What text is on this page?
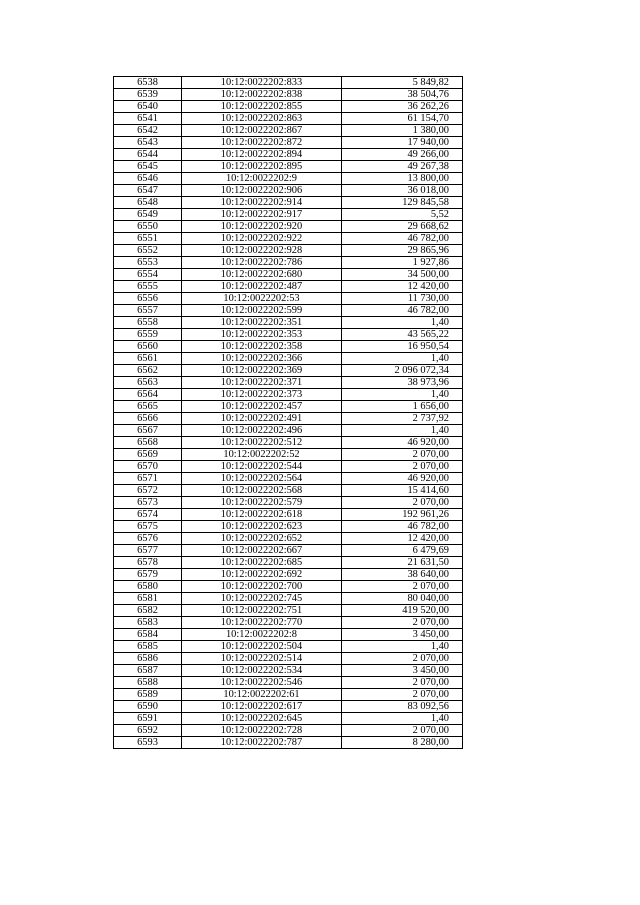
6538	10:12:0022202:833	5 849,82
6539	10:12:0022202:838	38 504,76
6540	10:12:0022202:855	36 262,26
6541	10:12:0022202:863	61 154,70
6542	10:12:0022202:867	1 380,00
6543	10:12:0022202:872	17 940,00
6544	10:12:0022202:894	49 266,00
6545	10:12:0022202:895	49 267,38
6546	10:12:0022202:9	13 800,00
6547	10:12:0022202:906	36 018,00
6548	10:12:0022202:914	129 845,58
6549	10:12:0022202:917	5,52
6550	10:12:0022202:920	29 668,62
6551	10:12:0022202:922	46 782,00
6552	10:12:0022202:928	29 865,96
6553	10:12:0022202:786	1 927,86
6554	10:12:0022202:680	34 500,00
6555	10:12:0022202:487	12 420,00
6556	10:12:0022202:53	11 730,00
6557	10:12:0022202:599	46 782,00
6558	10:12:0022202:351	1,40
6559	10:12:0022202:353	43 565,22
6560	10:12:0022202:358	16 950,54
6561	10:12:0022202:366	1,40
6562	10:12:0022202:369	2 096 072,34
6563	10:12:0022202:371	38 973,96
6564	10:12:0022202:373	1,40
6565	10:12:0022202:457	1 656,00
6566	10:12:0022202:491	2 737,92
6567	10:12:0022202:496	1,40
6568	10:12:0022202:512	46 920,00
6569	10:12:0022202:52	2 070,00
6570	10:12:0022202:544	2 070,00
6571	10:12:0022202:564	46 920,00
6572	10:12:0022202:568	15 414,60
6573	10:12:0022202:579	2 070,00
6574	10:12:0022202:618	192 961,26
6575	10:12:0022202:623	46 782,00
6576	10:12:0022202:652	12 420,00
6577	10:12:0022202:667	6 479,69
6578	10:12:0022202:685	21 631,50
6579	10:12:0022202:692	38 640,00
6580	10:12:0022202:700	2 070,00
6581	10:12:0022202:745	80 040,00
6582	10:12:0022202:751	419 520,00
6583	10:12:0022202:770	2 070,00
6584	10:12:0022202:8	3 450,00
6585	10:12:0022202:504	1,40
6586	10:12:0022202:514	2 070,00
6587	10:12:0022202:534	3 450,00
6588	10:12:0022202:546	2 070,00
6589	10:12:0022202:61	2 070,00
6590	10:12:0022202:617	83 092,56
6591	10:12:0022202:645	1,40
6592	10:12:0022202:728	2 070,00
6593	10:12:0022202:787	8 280,00
